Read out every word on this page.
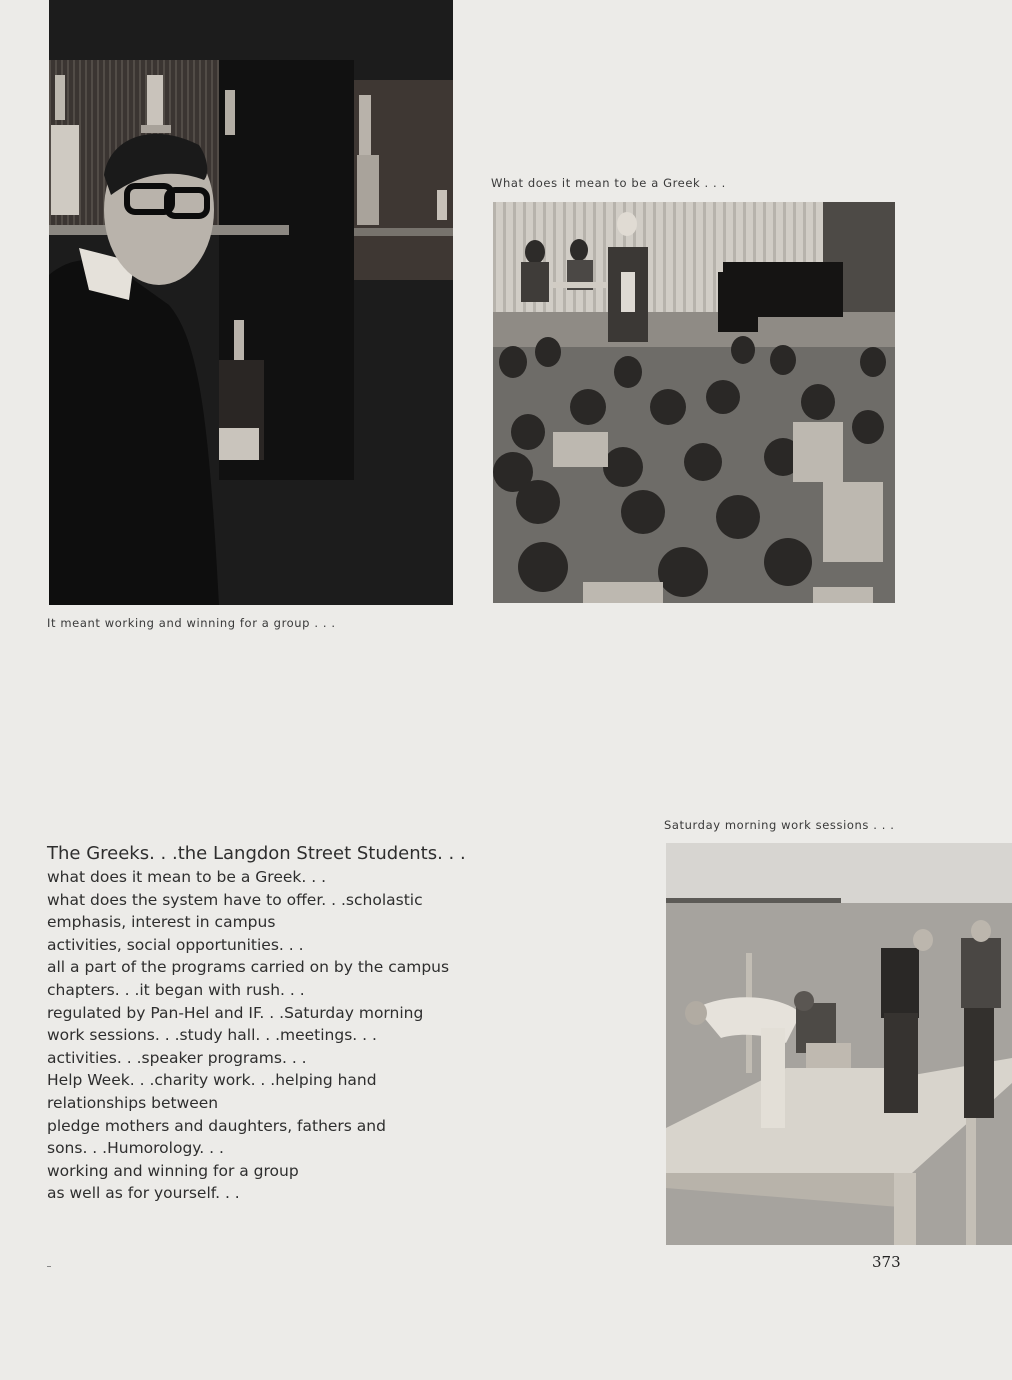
It meant working and winning for a group . . .
What does it mean to be a Greek . . .
The Greeks. . .the Langdon Street Students. . .
what does it mean to be a Greek. . .
what does the system have to offer. . .scholastic
emphasis, interest in campus
activities, social opportunities. . .
all a part of the programs carried on by the campus
chapters. . .it began with rush. . .
regulated by Pan-Hel and IF. . .Saturday morning
work sessions. . .study hall. . .meetings. . .
activities. . .speaker programs. . .
Help Week. . .charity work. . .helping hand
relationships between
pledge mothers and daughters, fathers and
sons. . .Humorology. . .
working and winning for a group
as well as for yourself. . .
Saturday morning work sessions . . .
373
